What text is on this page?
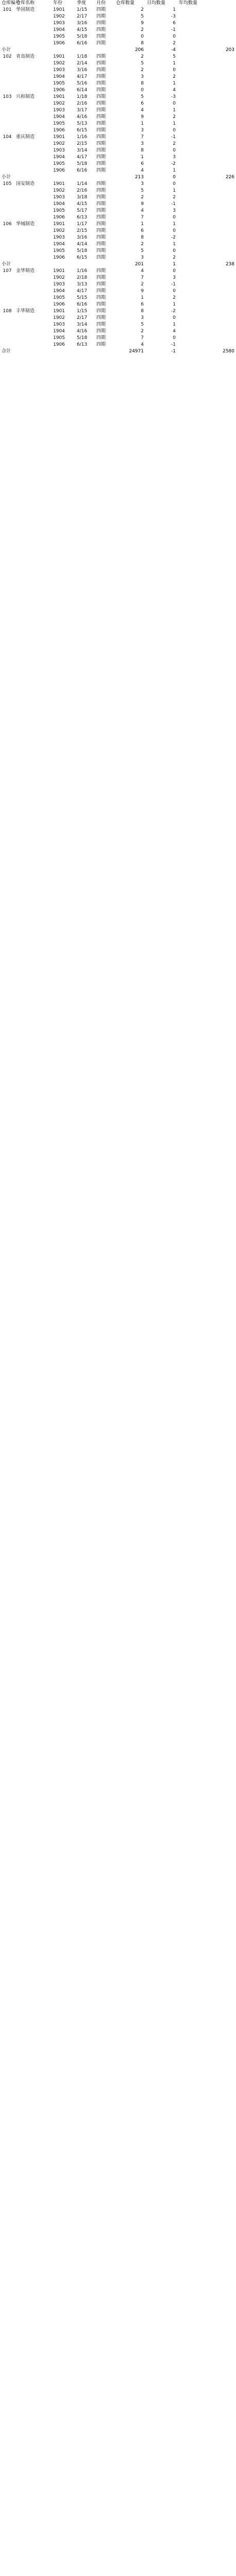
仓库编号	仓库名称	年份	季度	月份	仓库数量	日均数量	年均数量
101	华国制造	1901	1/15	四期	2	1	
		1902	2/17	四期	5	-3	
		1903	3/16	四期	9	6	
		1904	4/15	四期	2	-1	
		1905	5/18	四期	0	0	
		1906	6/16	四期	8	2	
小计					206	-4	203
102	青岛制造	1901	1/18	四期	2	5	
		1902	2/14	四期	5	1	
		1903	3/16	四期	2	0	
		1904	4/17	四期	3	2	
		1905	5/16	四期	8	1	
		1906	6/14	四期	0	4	
103	兴和制造	1901	1/18	四期	5	-3	
		1902	2/16	四期	6	0	
		1903	3/17	四期	4	1	
		1904	4/16	四期	9	2	
		1905	5/13	四期	1	1	
		1906	6/15	四期	3	0	
104	重庆制造	1901	1/16	四期	7	-1	
		1902	2/15	四期	3	2	
		1903	3/14	四期	8	0	
		1904	4/17	四期	1	3	
		1905	5/18	四期	6	-2	
		1906	6/16	四期	4	1	
小计					213	0	226
105	国安制造	1901	1/14	四期	3	0	
		1902	2/16	四期	5	1	
		1903	3/18	四期	2	2	
		1904	4/15	四期	9	-1	
		1905	5/17	四期	4	3	
		1906	6/13	四期	7	0	
106	华城制造	1901	1/17	四期	1	1	
		1902	2/15	四期	6	0	
		1903	3/16	四期	8	-2	
		1904	4/14	四期	2	1	
		1905	5/18	四期	5	0	
		1906	6/15	四期	3	2	
小计					201	1	238
107	金华制造	1901	1/16	四期	4	0	
		1902	2/18	四期	7	3	
		1903	3/13	四期	2	-1	
		1904	4/17	四期	9	0	
		1905	5/15	四期	1	2	
		1906	6/16	四期	6	1	
108	丰华制造	1901	1/15	四期	8	-2	
		1902	2/17	四期	3	0	
		1903	3/14	四期	5	1	
		1904	4/16	四期	2	4	
		1905	5/18	四期	7	0	
		1906	6/13	四期	4	-1	
合计					24971	-1	2580
